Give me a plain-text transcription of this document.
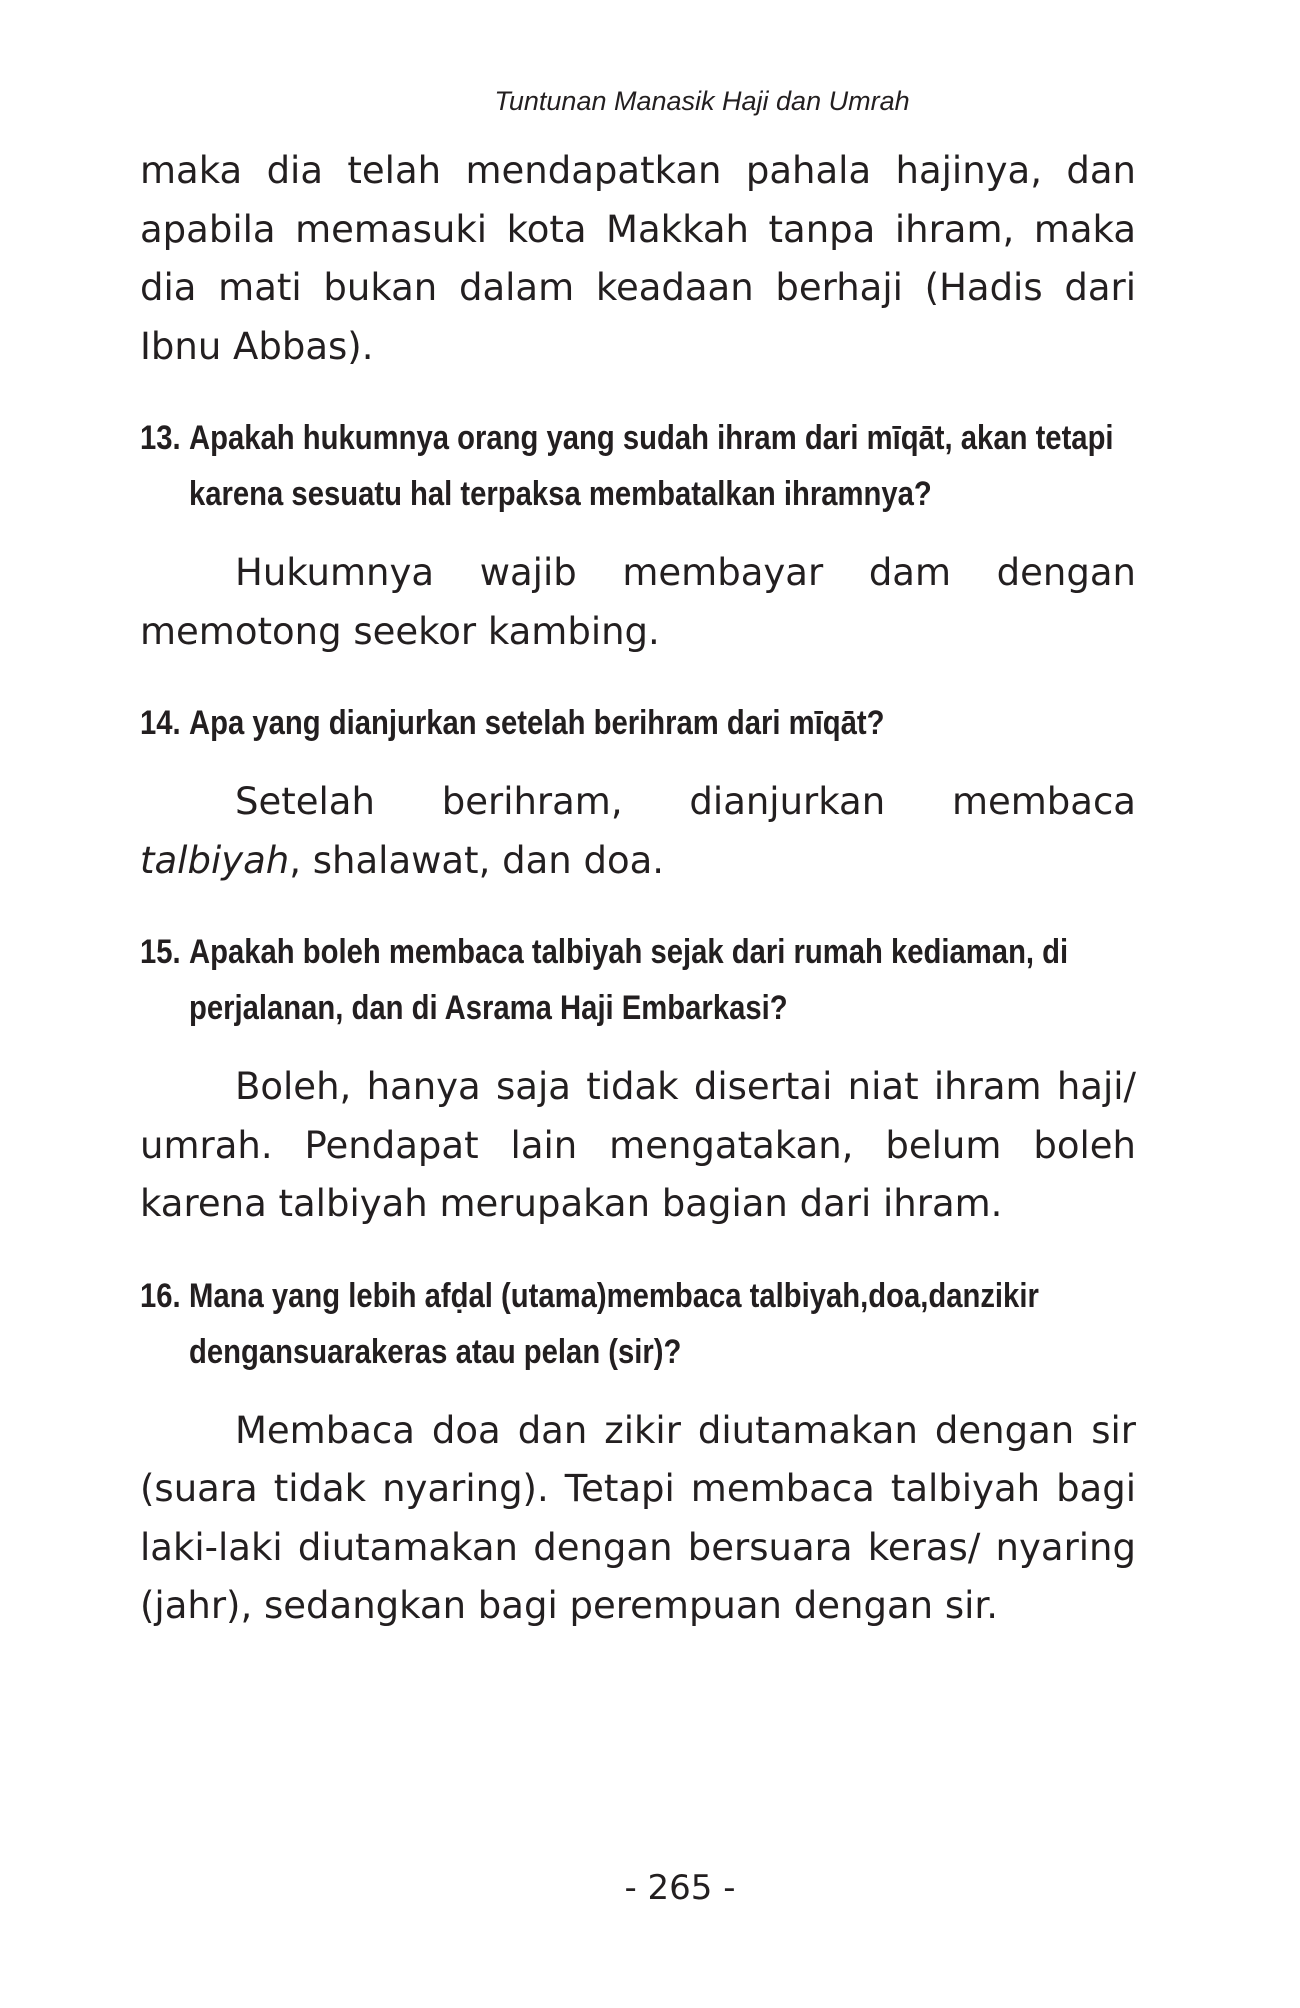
Tuntunan Manasik Haji dan Umrah

maka dia telah mendapatkan pahala hajinya, dan apabila memasuki kota Makkah tanpa ihram, maka dia mati bukan dalam keadaan berhaji (Hadis dari Ibnu Abbas).

13. Apakah hukumnya orang yang sudah ihram dari mīqāt, akan tetapi karena sesuatu hal terpaksa membatalkan ihramnya?

Hukumnya wajib membayar dam dengan memotong seekor kambing.

14. Apa yang dianjurkan setelah berihram dari mīqāt?

Setelah berihram, dianjurkan membaca talbiyah, shalawat, dan doa.

15. Apakah boleh membaca talbiyah sejak dari rumah kediaman, di perjalanan, dan di Asrama Haji Embarkasi?

Boleh, hanya saja tidak disertai niat ihram haji/ umrah. Pendapat lain mengatakan, belum boleh karena talbiyah merupakan bagian dari ihram.

16. Mana yang lebih afḍal (utama)membaca talbiyah,doa,danzikir dengansuarakeras atau pelan (sir)?

Membaca doa dan zikir diutamakan dengan sir (suara tidak nyaring). Tetapi membaca talbiyah bagi laki-laki diutamakan dengan bersuara keras/ nyaring (jahr), sedangkan bagi perempuan dengan sir.

- 265 -
